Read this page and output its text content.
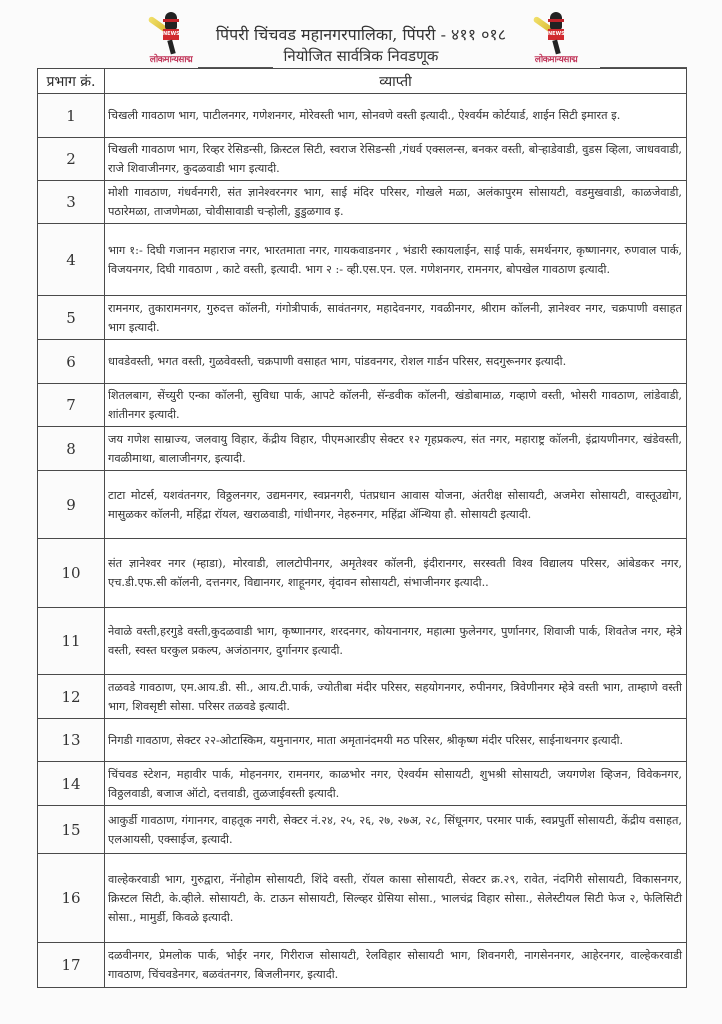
NEWS
लोकमान्यसाद्म
पिंपरी चिंचवड महानगरपालिका, पिंपरी - ४११ ०१८
नियोजित सार्वत्रिक निवडणूक
NEWS
लोकमान्यसाद्म
प्रभाग क्रं.	व्याप्ती
1	चिखली गावठाण भाग, पाटीलनगर, गणेशनगर, मोरेवस्ती भाग, सोनवणे वस्ती इत्यादी., ऐश्वर्यम कोर्टयार्ड, शाईन सिटी इमारत इ.
2	चिखली गावठाण भाग, रिव्हर रेसिडन्सी, क्रिस्टल सिटी, स्वराज रेसिडन्सी ,गंधर्व एक्सलन्स, बनकर वस्ती, बोऱ्हाडेवाडी, वुडस व्हिला, जाधववाडी, राजे शिवाजीनगर, कुदळवाडी भाग इत्यादी.
3	मोशी गावठाण, गंधर्वनगरी, संत ज्ञानेश्वरनगर भाग, साई मंदिर परिसर, गोखले मळा, अलंकापुरम सोसायटी, वडमुखवाडी, काळजेवाडी, पठारेमळा, ताजणेमळा, चोवीसावाडी चऱ्होली, डुडुळगाव इ.
4	भाग १:- दिघी गजानन महाराज नगर, भारतमाता नगर, गायकवाडनगर , भंडारी स्कायलाईन, साई पार्क, समर्थनगर, कृष्णानगर, रुणवाल पार्क, विजयनगर, दिघी गावठाण , काटे वस्ती, इत्यादी. भाग २ :- व्ही.एस.एन. एल. गणेशनगर, रामनगर, बोपखेल गावठाण इत्यादी.
5	रामनगर, तुकारामनगर, गुरुदत्त कॉलनी, गंगोत्रीपार्क, सावंतनगर, महादेवनगर, गवळीनगर, श्रीराम कॉलनी, ज्ञानेश्वर नगर, चक्रपाणी वसाहत भाग इत्यादी.
6	धावडेवस्ती, भगत वस्ती, गुळवेवस्ती, चक्रपाणी वसाहत भाग, पांडवनगर, रोशल गार्डन परिसर, सदगुरूनगर इत्यादी.
7	शितलबाग, सेंच्युरी एन्का कॉलनी, सुविधा पार्क, आपटे कॉलनी, सॅन्डवीक कॉलनी, खंडोबामाळ, गव्हाणे वस्ती, भोसरी गावठाण, लांडेवाडी, शांतीनगर इत्यादी.
8	जय गणेश साम्राज्य, जलवायु विहार, केंद्रीय विहार, पीएमआरडीए सेक्टर १२ गृहप्रकल्प, संत नगर, महाराष्ट्र कॉलनी, इंद्रायणीनगर, खंडेवस्ती, गवळीमाथा, बालाजीनगर, इत्यादी.
9	टाटा मोटर्स, यशवंतनगर, विठ्ठलनगर, उद्यमनगर, स्वप्ननगरी, पंतप्रधान आवास योजना, अंतरीक्ष सोसायटी, अजमेरा सोसायटी, वास्तूउद्योग, मासुळकर कॉलनी, महिंद्रा रॉयल, खराळवाडी, गांधीनगर, नेहरुनगर, महिंद्रा ॲन्थिया हौ. सोसायटी इत्यादी.
10	संत ज्ञानेश्वर नगर (म्हाडा), मोरवाडी, लालटोपीनगर, अमृतेश्वर कॉलनी, इंदीरानगर, सरस्वती विश्व विद्यालय परिसर, आंबेडकर नगर, एच.डी.एफ.सी कॉलनी, दत्तनगर, विद्यानगर, शाहूनगर, वृंदावन सोसायटी, संभाजीनगर इत्यादी..
11	नेवाळे वस्ती,हरगुडे वस्ती,कुदळवाडी भाग, कृष्णानगर, शरदनगर, कोयनानगर, महात्मा फुलेनगर, पुर्णानगर, शिवाजी पार्क, शिवतेज नगर, म्हेत्रे वस्ती, स्वस्त घरकुल प्रकल्प, अजंठानगर, दुर्गानगर इत्यादी.
12	तळवडे गावठाण, एम.आय.डी. सी., आय.टी.पार्क, ज्योतीबा मंदीर परिसर, सहयोगनगर, रुपीनगर, त्रिवेणीनगर म्हेत्रे वस्ती भाग, ताम्हाणे वस्ती भाग, शिवसृष्टी सोसा. परिसर तळवडे इत्यादी.
13	निगडी गावठाण, सेक्टर २२-ओटास्किम, यमुनानगर, माता अमृतानंदमयी मठ परिसर, श्रीकृष्ण मंदीर परिसर, साईनाथनगर इत्यादी.
14	चिंचवड स्टेशन, महावीर पार्क, मोहननगर, रामनगर, काळभोर नगर, ऐश्वर्यम सोसायटी, शुभश्री सोसायटी, जयगणेश व्हिजन, विवेकनगर, विठ्ठलवाडी, बजाज ऑटो, दत्तवाडी, तुळजाईवस्ती इत्यादी.
15	आकुर्डी गावठाण, गंगानगर, वाहतूक नगरी, सेक्टर नं.२४, २५, २६, २७, २७अ, २८, सिंधूनगर, परमार पार्क, स्वप्नपुर्ती सोसायटी, केंद्रीय वसाहत, एलआयसी, एक्साईज, इत्यादी.
16	वाल्हेकरवाडी भाग, गुरुद्वारा, नॅनोहोम सोसायटी, शिंदे वस्ती, रॉयल कासा सोसायटी, सेक्टर क्र.२९, रावेत, नंदगिरी सोसायटी, विकासनगर, क्रिस्टल सिटी, के.व्हीले. सोसायटी, के. टाऊन सोसायटी, सिल्व्हर ग्रेसिया सोसा., भालचंद्र विहार सोसा., सेलेस्टीयल सिटी फेज २, फेलिसिटी सोसा., मामुर्डी, किवळे इत्यादी.
17	दळवीनगर, प्रेमलोक पार्क, भोईर नगर, गिरीराज सोसायटी, रेलविहार सोसायटी भाग, शिवनगरी, नागसेननगर, आहेरनगर, वाल्हेकरवाडी गावठाण, चिंचवडेनगर, बळवंतनगर, बिजलीनगर, इत्यादी.
